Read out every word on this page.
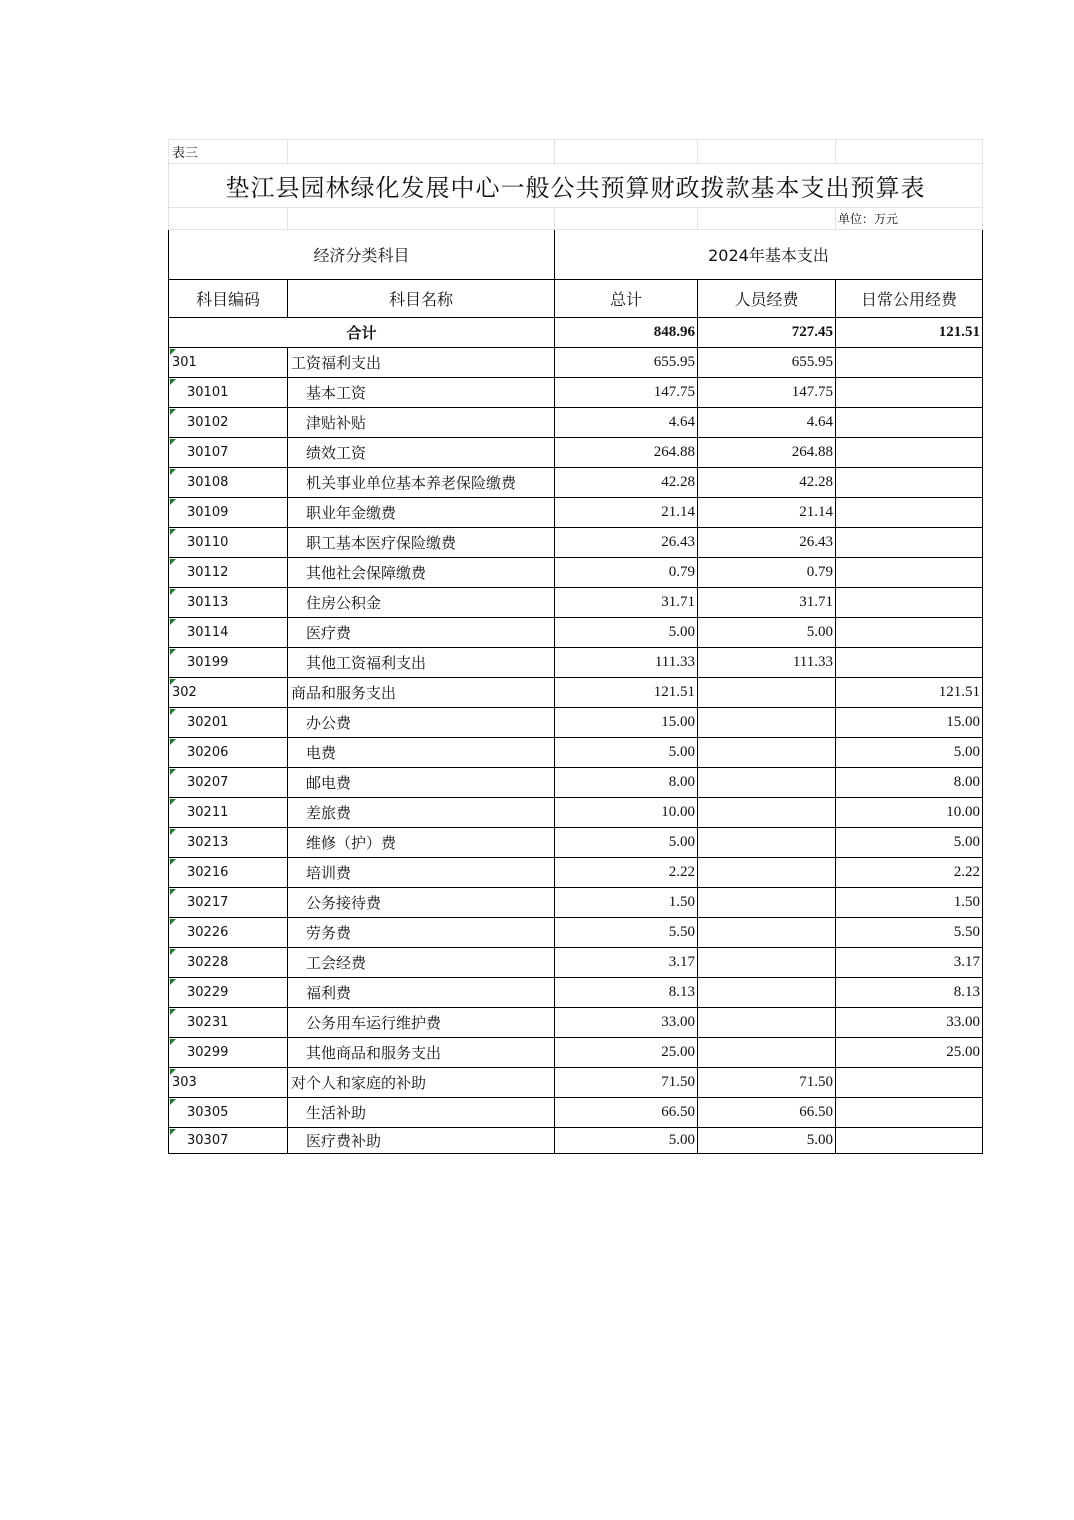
表三				
垫江县园林绿化发展中心一般公共预算财政拨款基本支出预算表				
				单位：万元
经济分类科目		2024年基本支出		
科目编码	科目名称	总计	人员经费	日常公用经费
合计		848.96	727.45	121.51

301	工资福利支出	655.95	655.95	

30101	基本工资	147.75	147.75	

30102	津贴补贴	4.64	4.64	

30107	绩效工资	264.88	264.88	

30108	机关事业单位基本养老保险缴费	42.28	42.28	

30109	职业年金缴费	21.14	21.14	

30110	职工基本医疗保险缴费	26.43	26.43	

30112	其他社会保障缴费	0.79	0.79	

30113	住房公积金	31.71	31.71	

30114	医疗费	5.00	5.00	

30199	其他工资福利支出	111.33	111.33	

302	商品和服务支出	121.51		121.51

30201	办公费	15.00		15.00

30206	电费	5.00		5.00

30207	邮电费	8.00		8.00

30211	差旅费	10.00		10.00

30213	维修（护）费	5.00		5.00

30216	培训费	2.22		2.22

30217	公务接待费	1.50		1.50

30226	劳务费	5.50		5.50

30228	工会经费	3.17		3.17

30229	福利费	8.13		8.13

30231	公务用车运行维护费	33.00		33.00

30299	其他商品和服务支出	25.00		25.00

303	对个人和家庭的补助	71.50	71.50	

30305	生活补助	66.50	66.50	

30307	医疗费补助	5.00	5.00	
